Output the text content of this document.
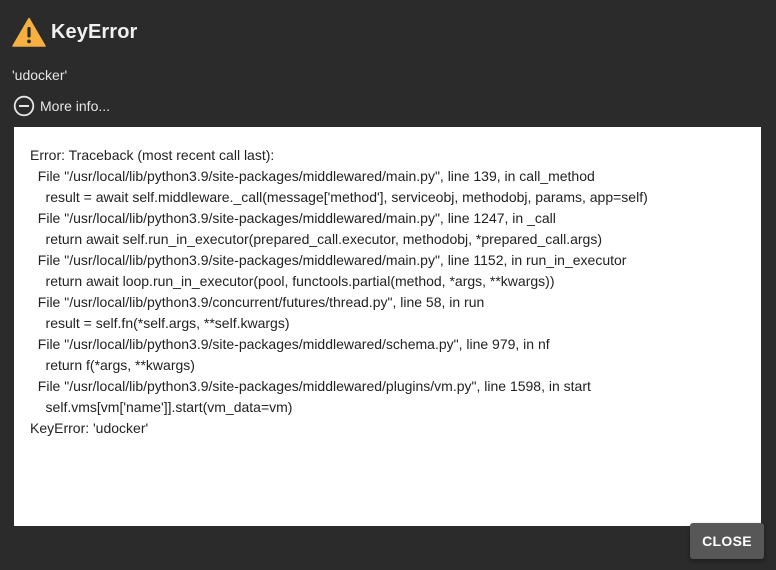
KeyError
'udocker'
More info...
Error: Traceback (most recent call last):
File "/usr/local/lib/python3.9/site-packages/middlewared/main.py", line 139, in call_method
result = await self.middleware._call(message['method'], serviceobj, methodobj, params, app=self)
File "/usr/local/lib/python3.9/site-packages/middlewared/main.py", line 1247, in _call
return await self.run_in_executor(prepared_call.executor, methodobj, *prepared_call.args)
File "/usr/local/lib/python3.9/site-packages/middlewared/main.py", line 1152, in run_in_executor
return await loop.run_in_executor(pool, functools.partial(method, *args, **kwargs))
File "/usr/local/lib/python3.9/concurrent/futures/thread.py", line 58, in run
result = self.fn(*self.args, **self.kwargs)
File "/usr/local/lib/python3.9/site-packages/middlewared/schema.py", line 979, in nf
return f(*args, **kwargs)
File "/usr/local/lib/python3.9/site-packages/middlewared/plugins/vm.py", line 1598, in start
self.vms[vm['name']].start(vm_data=vm)
KeyError: 'udocker'
CLOSE
